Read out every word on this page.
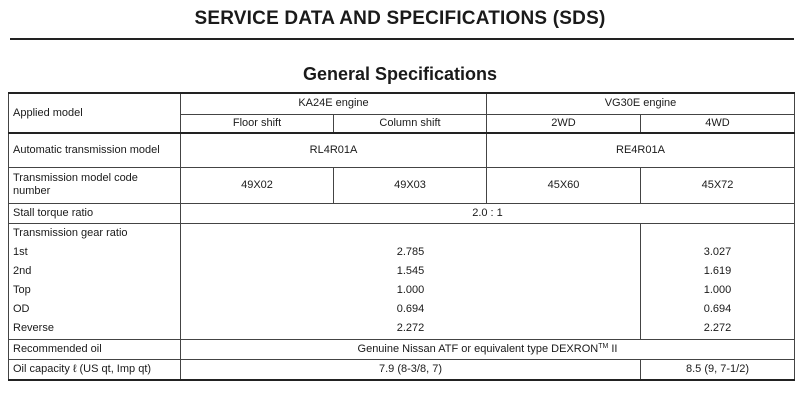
SERVICE DATA AND SPECIFICATIONS (SDS)
General Specifications
Applied model	KA24E engine		VG30E engine	
	Floor shift	Column shift	2WD	4WD
Automatic transmission model	RL4R01A		RE4R01A	
Transmission model code number	49X02	49X03	45X60	45X72
Stall torque ratio	2.0 : 1			
Transmission gear ratio				
1st	2.785			3.027
2nd	1.545			1.619
Top	1.000			1.000
OD	0.694			0.694
Reverse	2.272			2.272
Recommended oil	Genuine Nissan ATF or equivalent type DEXRON™ II			
Oil capacity ℓ (US qt, Imp qt)	7.9 (8-3/8, 7)			8.5 (9, 7-1/2)
